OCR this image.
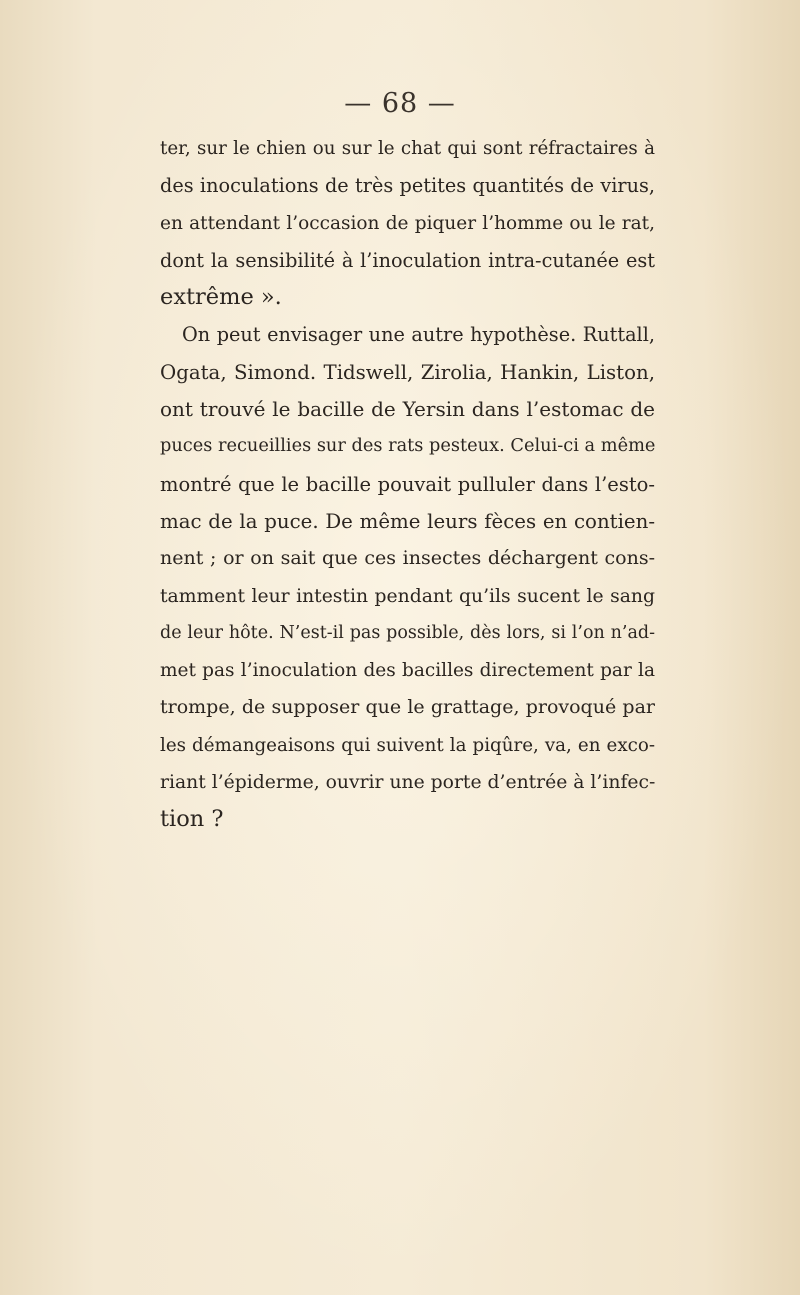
— 68 —
ter, sur le chien ou sur le chat qui sont réfractaires à
des inoculations de très petites quantités de virus,
en attendant l’occasion de piquer l’homme ou le rat,
dont la sensibilité à l’inoculation intra-cutanée est
extrême ».
On peut envisager une autre hypothèse. Ruttall,
Ogata, Simond. Tidswell, Zirolia, Hankin, Liston,
ont trouvé le bacille de Yersin dans l’estomac de
puces recueillies sur des rats pesteux. Celui-ci a même
montré que le bacille pouvait pulluler dans l’esto-
mac de la puce. De même leurs fèces en contien-
nent ; or on sait que ces insectes déchargent cons-
tamment leur intestin pendant qu’ils sucent le sang
de leur hôte. N’est-il pas possible, dès lors, si l’on n’ad-
met pas l’inoculation des bacilles directement par la
trompe, de supposer que le grattage, provoqué par
les démangeaisons qui suivent la piqûre, va, en exco-
riant l’épiderme, ouvrir une porte d’entrée à l’infec-
tion ?
